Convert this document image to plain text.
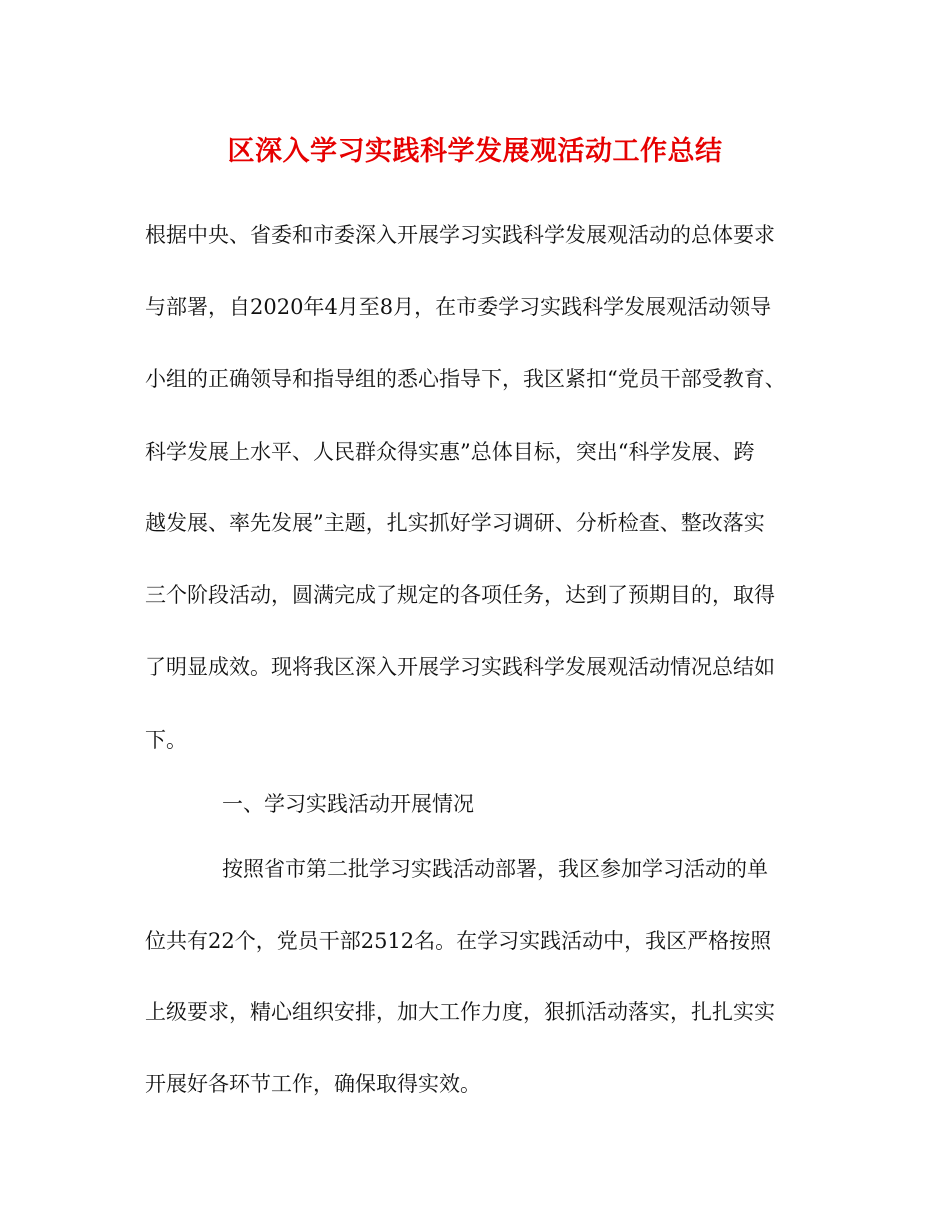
区深入学习实践科学发展观活动工作总结
根据中央、省委和市委深入开展学习实践科学发展观活动的总体要求
与部署，自2020年4月至8月，在市委学习实践科学发展观活动领导
小组的正确领导和指导组的悉心指导下，我区紧扣“党员干部受教育、
科学发展上水平、人民群众得实惠”总体目标，突出“科学发展、跨
越发展、率先发展”主题，扎实抓好学习调研、分析检查、整改落实
三个阶段活动，圆满完成了规定的各项任务，达到了预期目的，取得
了明显成效。现将我区深入开展学习实践科学发展观活动情况总结如
下。
一、学习实践活动开展情况
按照省市第二批学习实践活动部署，我区参加学习活动的单
位共有22个，党员干部2512名。在学习实践活动中，我区严格按照
上级要求，精心组织安排，加大工作力度，狠抓活动落实，扎扎实实
开展好各环节工作，确保取得实效。
